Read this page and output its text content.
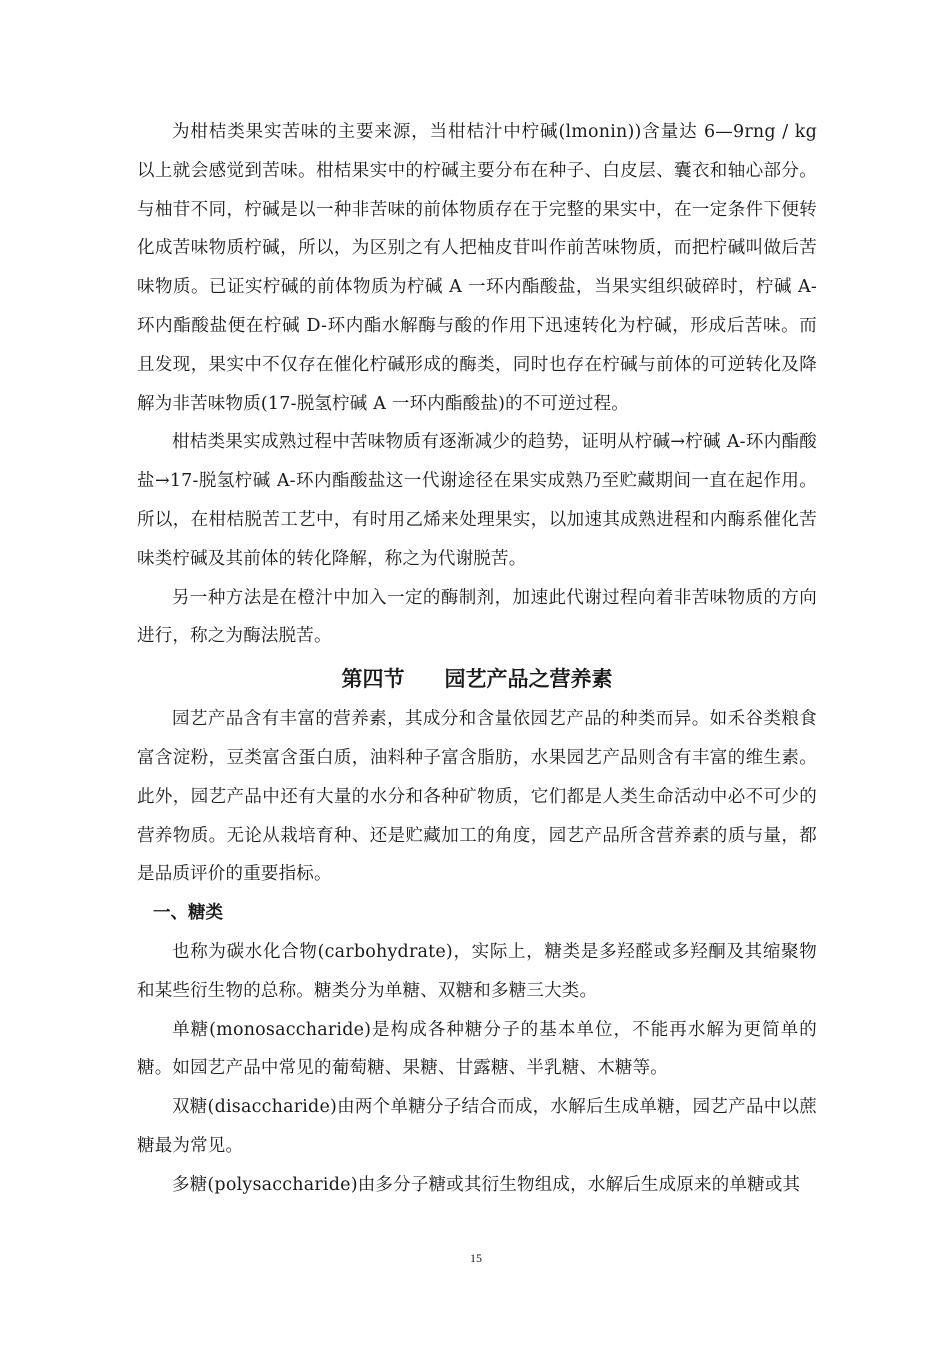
为柑桔类果实苦味的主要来源，当柑桔汁中柠碱(lmonin))含量达 6—9rng / kg 以上就会感觉到苦味。柑桔果实中的柠碱主要分布在种子、白皮层、囊衣和轴心部分。与柚苷不同，柠碱是以一种非苦味的前体物质存在于完整的果实中，在一定条件下便转化成苦味物质柠碱，所以，为区别之有人把柚皮苷叫作前苦味物质，而把柠碱叫做后苦味物质。已证实柠碱的前体物质为柠碱 A 一环内酯酸盐，当果实组织破碎时，柠碱 A-环内酯酸盐便在柠碱 D-环内酯水解酶与酸的作用下迅速转化为柠碱，形成后苦味。而且发现，果实中不仅存在催化柠碱形成的酶类，同时也存在柠碱与前体的可逆转化及降解为非苦味物质(17-脱氢柠碱 A 一环内酯酸盐)的不可逆过程。

柑桔类果实成熟过程中苦味物质有逐渐减少的趋势，证明从柠碱→柠碱 A-环内酯酸盐→17-脱氢柠碱 A-环内酯酸盐这一代谢途径在果实成熟乃至贮藏期间一直在起作用。所以，在柑桔脱苦工艺中，有时用乙烯来处理果实，以加速其成熟进程和内酶系催化苦味类柠碱及其前体的转化降解，称之为代谢脱苦。

另一种方法是在橙汁中加入一定的酶制剂，加速此代谢过程向着非苦味物质的方向进行，称之为酶法脱苦。

第四节 园艺产品之营养素

园艺产品含有丰富的营养素，其成分和含量依园艺产品的种类而异。如禾谷类粮食富含淀粉，豆类富含蛋白质，油料种子富含脂肪，水果园艺产品则含有丰富的维生素。此外，园艺产品中还有大量的水分和各种矿物质，它们都是人类生命活动中必不可少的营养物质。无论从栽培育种、还是贮藏加工的角度，园艺产品所含营养素的质与量，都是品质评价的重要指标。

一、糖类

也称为碳水化合物(carbohydrate)，实际上，糖类是多羟醛或多羟酮及其缩聚物和某些衍生物的总称。糖类分为单糖、双糖和多糖三大类。

单糖(monosaccharide)是构成各种糖分子的基本单位，不能再水解为更简单的糖。如园艺产品中常见的葡萄糖、果糖、甘露糖、半乳糖、木糖等。

双糖(disaccharide)由两个单糖分子结合而成，水解后生成单糖，园艺产品中以蔗糖最为常见。

多糖(polysaccharide)由多分子糖或其衍生物组成，水解后生成原来的单糖或其

15
